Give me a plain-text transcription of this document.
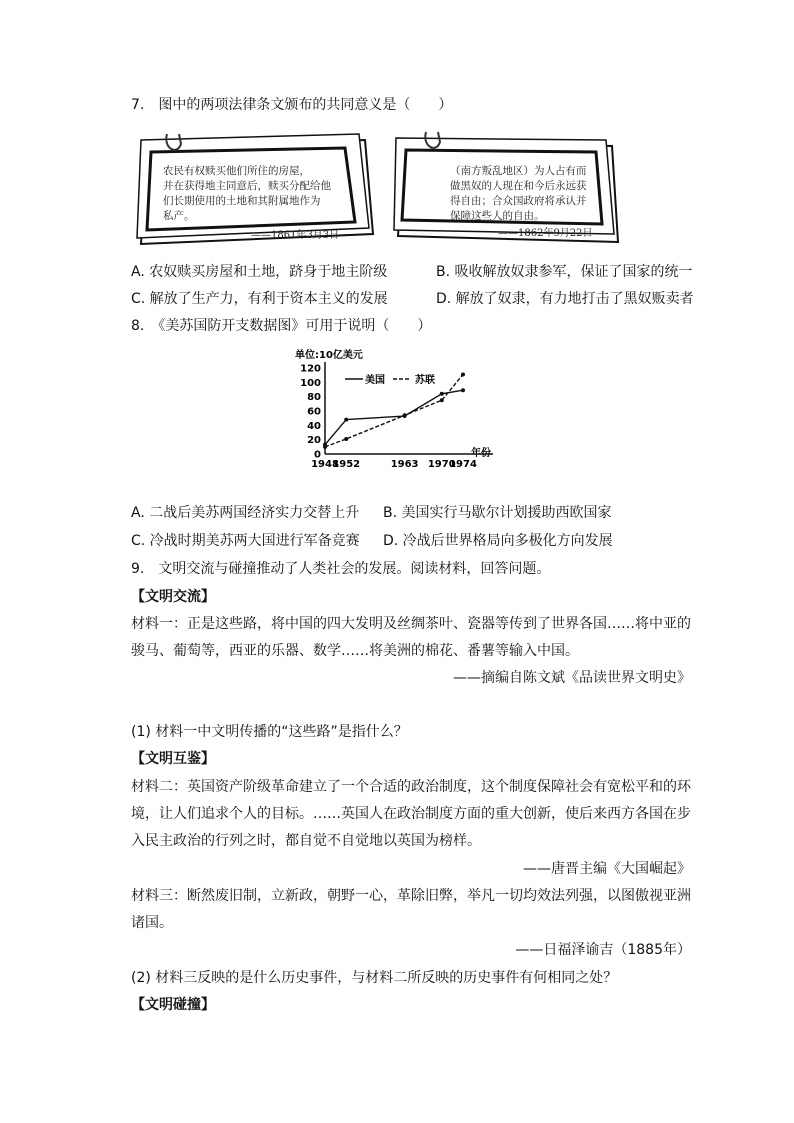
7.　图中的两项法律条文颁布的共同意义是（　　）
农民有权赎买他们所住的房屋，
并在获得地主同意后，赎买分配给他
们长期使用的土地和其附属地作为
私产。
——1861年3月3日
（南方叛乱地区）为人占有而
做黑奴的人现在和今后永远获
得自由；合众国政府将承认并
保障这些人的自由。
——1862年9月22日
A. 农奴赎买房屋和土地，跻身于地主阶级	B. 吸收解放奴隶参军，保证了国家的统一
C. 解放了生产力，有利于资本主义的发展	D. 解放了奴隶，有力地打击了黑奴贩卖者
8.　《美苏国防开支数据图》可用于说明（　　）
单位:10亿美元
年份
0
20
40
60
80
100
120
1948
1952	1963 1970
1974
美国	苏联
A. 二战后美苏两国经济实力交替上升 B. 美国实行马歇尔计划援助西欧国家
C. 冷战时期美苏两大国进行军备竞赛 D. 冷战后世界格局向多极化方向发展
9.　文明交流与碰撞推动了人类社会的发展。阅读材料，回答问题。
【文明交流】
材料一：正是这些路，将中国的四大发明及丝绸茶叶、瓷器等传到了世界各国……将中亚的
骏马、葡萄等，西亚的乐器、数学……将美洲的棉花、番薯等输入中国。
——摘编自陈文斌《品读世界文明史》
(1) 材料一中文明传播的“这些路”是指什么？
【文明互鉴】
材料二：英国资产阶级革命建立了一个合适的政治制度，这个制度保障社会有宽松平和的环
境，让人们追求个人的目标。……英国人在政治制度方面的重大创新，使后来西方各国在步
入民主政治的行列之时，都自觉不自觉地以英国为榜样。
——唐晋主编《大国崛起》
材料三：断然废旧制，立新政，朝野一心，革除旧弊，举凡一切均效法列强，以图傲视亚洲
诸国。
——日福泽谕吉（1885年）
(2) 材料三反映的是什么历史事件，与材料二所反映的历史事件有何相同之处？
【文明碰撞】
